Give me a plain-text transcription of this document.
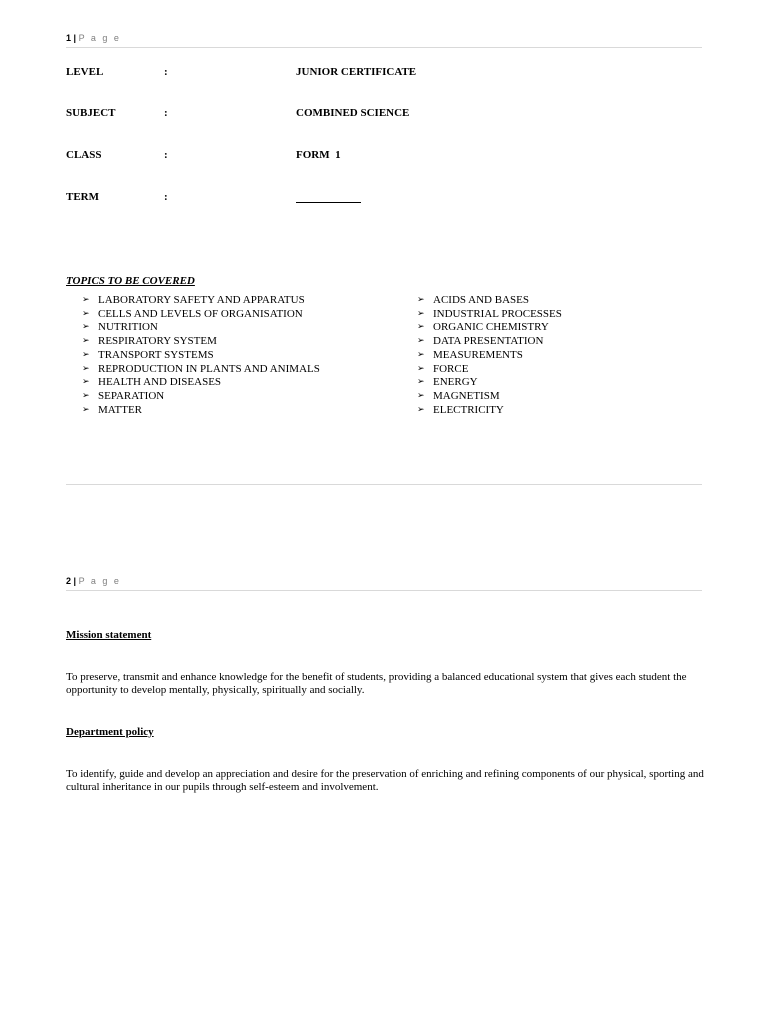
1 | P a g e
LEVEL	:	JUNIOR CERTIFICATE
SUBJECT	:	COMBINED SCIENCE
CLASS	:	FORM  1
TERM	:
TOPICS TO BE COVERED
➢ LABORATORY SAFETY AND APPARATUS
➢ CELLS AND LEVELS OF ORGANISATION
➢ NUTRITION
➢ RESPIRATORY SYSTEM
➢ TRANSPORT SYSTEMS
➢ REPRODUCTION IN PLANTS AND ANIMALS
➢ HEALTH AND DISEASES
➢ SEPARATION
➢ MATTER
➢ ACIDS AND BASES
➢ INDUSTRIAL PROCESSES
➢ ORGANIC CHEMISTRY
➢ DATA PRESENTATION
➢ MEASUREMENTS
➢ FORCE
➢ ENERGY
➢ MAGNETISM
➢ ELECTRICITY
2 | P a g e
Mission statement
To preserve, transmit and enhance knowledge for the benefit of students, providing a balanced educational system that gives each student the opportunity to develop mentally, physically, spiritually and socially.
Department policy
To identify, guide and develop an appreciation and desire for the preservation of enriching and refining components of our physical, sporting and cultural inheritance in our pupils through self-esteem and involvement.
